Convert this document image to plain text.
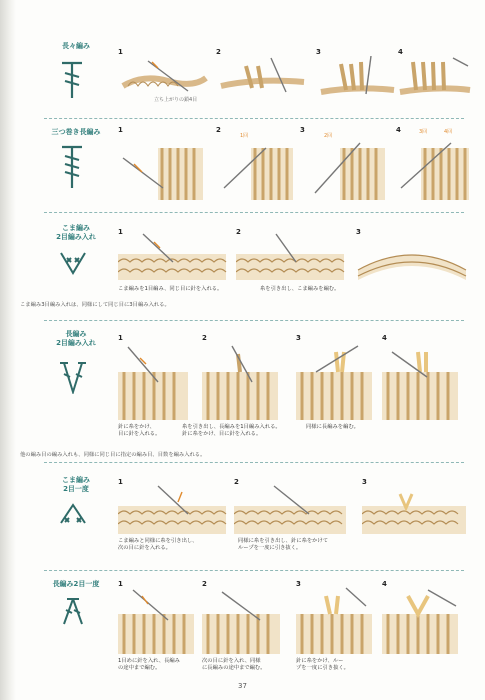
長々編み
1	2	3	4
立ち上がりの鎖4目
三つ巻き長編み	1	2	3	4
1回	2回
3回	4回
こま編み
2目編み入れ
1	2	3
こま編みを1目編み、同じ目に針を入れる。	糸を引き出し、こま編みを編む。
こま編み3目編み入れは、同様にして同じ目に3目編み入れる。
長編み
2目編み入れ
1	2	3	4
針に糸をかけ、
目に針を入れる。
糸を引き出し、長編みを1目編み入れる。
針に糸をかけ、目に針を入れる。
同様に長編みを編む。
他の編み目の編み入れも、同様に同じ目に指定の編み目、目数を編み入れる。
こま編み
2目一度
1	2	3
こま編みと同様に糸を引き出し、
次の目に針を入れる。
同様に糸を引き出し、針に糸をかけて
ループを一度に引き抜く。
長編み2目一度	1	2	3	4
1目めに針を入れ、長編み
の途中まで編む。
次の目に針を入れ、同様
に長編みの途中まで編む。
針に糸をかけ、ルー
プを一度に引き抜く。
37
